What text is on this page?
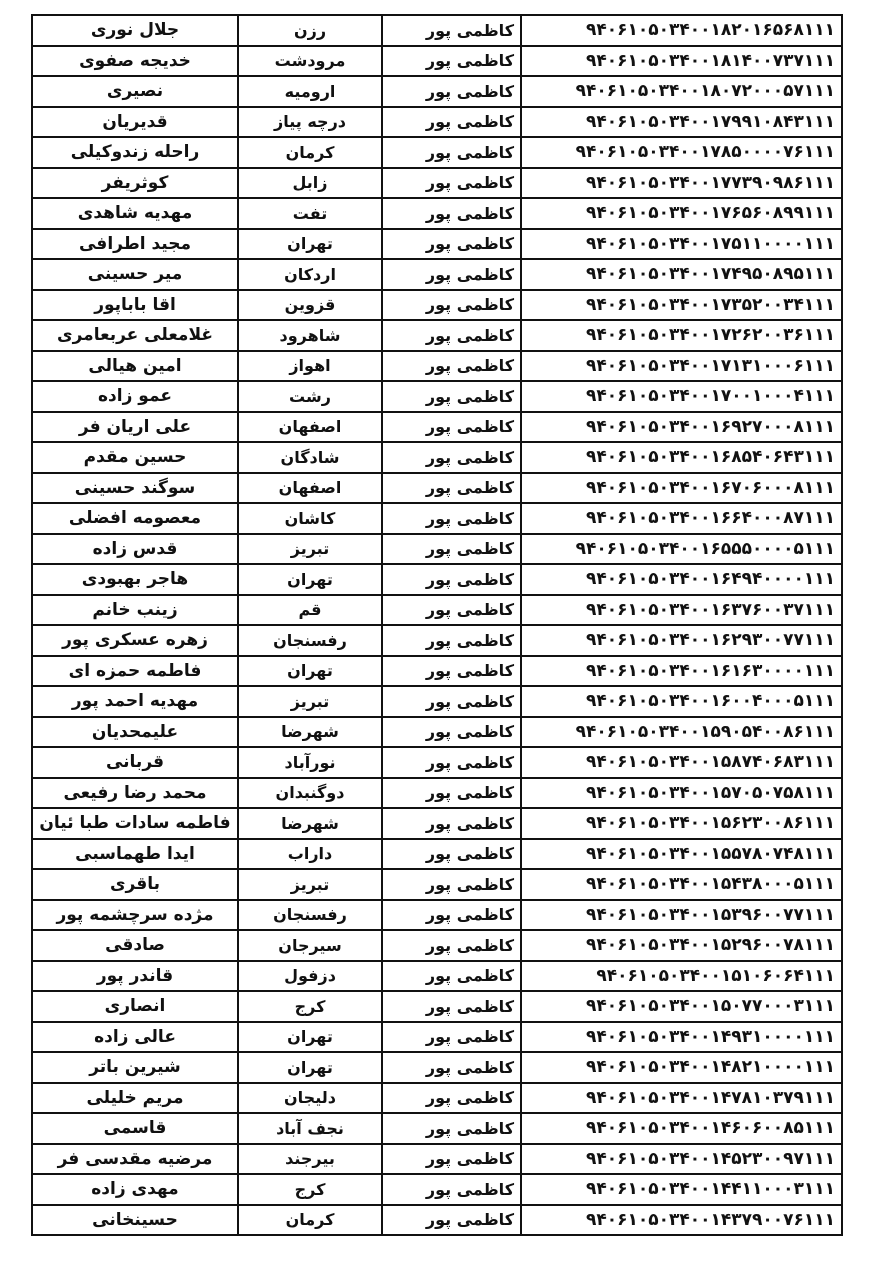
جلال نوری	رزن	کاظمی پور	۹۴۰۶۱۰۵۰۳۴۰۰۱۸۲۰۱۶۵۶۸۱۱۱
خدیجه صفوی	مرودشت	کاظمی پور	۹۴۰۶۱۰۵۰۳۴۰۰۱۸۱۴۰۰۷۳۷۱۱۱
نصیری	ارومیه	کاظمی پور	۹۴۰۶۱۰۵۰۳۴۰۰۱۸۰۷۲۰۰۰۵۷۱۱۱
قدیریان	درچه پیاز	کاظمی پور	۹۴۰۶۱۰۵۰۳۴۰۰۱۷۹۹۱۰۸۴۳۱۱۱
راحله زندوکیلی	کرمان	کاظمی پور	۹۴۰۶۱۰۵۰۳۴۰۰۱۷۸۵۰۰۰۰۷۶۱۱۱
کوثریفر	زابل	کاظمی پور	۹۴۰۶۱۰۵۰۳۴۰۰۱۷۷۳۹۰۹۸۶۱۱۱
مهدیه شاهدی	تفت	کاظمی پور	۹۴۰۶۱۰۵۰۳۴۰۰۱۷۶۵۶۰۸۹۹۱۱۱
مجید اطرافی	تهران	کاظمی پور	۹۴۰۶۱۰۵۰۳۴۰۰۱۷۵۱۱۰۰۰۰۱۱۱
میر حسینی	اردکان	کاظمی پور	۹۴۰۶۱۰۵۰۳۴۰۰۱۷۴۹۵۰۸۹۵۱۱۱
اقا باباپور	قزوین	کاظمی پور	۹۴۰۶۱۰۵۰۳۴۰۰۱۷۳۵۲۰۰۳۴۱۱۱
غلامعلی عربعامری	شاهرود	کاظمی پور	۹۴۰۶۱۰۵۰۳۴۰۰۱۷۲۶۲۰۰۳۶۱۱۱
امین هیالی	اهواز	کاظمی پور	۹۴۰۶۱۰۵۰۳۴۰۰۱۷۱۳۱۰۰۰۶۱۱۱
عمو زاده	رشت	کاظمی پور	۹۴۰۶۱۰۵۰۳۴۰۰۱۷۰۰۱۰۰۰۴۱۱۱
علی اریان فر	اصفهان	کاظمی پور	۹۴۰۶۱۰۵۰۳۴۰۰۱۶۹۲۷۰۰۰۸۱۱۱
حسین مقدم	شادگان	کاظمی پور	۹۴۰۶۱۰۵۰۳۴۰۰۱۶۸۵۴۰۶۴۳۱۱۱
سوگند حسینی	اصفهان	کاظمی پور	۹۴۰۶۱۰۵۰۳۴۰۰۱۶۷۰۶۰۰۰۸۱۱۱
معصومه افضلی	کاشان	کاظمی پور	۹۴۰۶۱۰۵۰۳۴۰۰۱۶۶۴۰۰۰۸۷۱۱۱
قدس زاده	تبریز	کاظمی پور	۹۴۰۶۱۰۵۰۳۴۰۰۱۶۵۵۵۰۰۰۰۵۱۱۱
هاجر بهبودی	تهران	کاظمی پور	۹۴۰۶۱۰۵۰۳۴۰۰۱۶۴۹۴۰۰۰۰۱۱۱
زینب خانم	قم	کاظمی پور	۹۴۰۶۱۰۵۰۳۴۰۰۱۶۳۷۶۰۰۳۷۱۱۱
زهره عسکری پور	رفسنجان	کاظمی پور	۹۴۰۶۱۰۵۰۳۴۰۰۱۶۲۹۳۰۰۷۷۱۱۱
فاطمه حمزه ای	تهران	کاظمی پور	۹۴۰۶۱۰۵۰۳۴۰۰۱۶۱۶۳۰۰۰۰۱۱۱
مهدیه احمد پور	تبریز	کاظمی پور	۹۴۰۶۱۰۵۰۳۴۰۰۱۶۰۰۴۰۰۰۵۱۱۱
علیمحدیان	شهرضا	کاظمی پور	۹۴۰۶۱۰۵۰۳۴۰۰۱۵۹۰۵۴۰۰۸۶۱۱۱
قربانی	نورآباد	کاظمی پور	۹۴۰۶۱۰۵۰۳۴۰۰۱۵۸۷۴۰۶۸۳۱۱۱
محمد رضا رفیعی	دوگنبدان	کاظمی پور	۹۴۰۶۱۰۵۰۳۴۰۰۱۵۷۰۵۰۷۵۸۱۱۱
فاطمه سادات طبا ئیان	شهرضا	کاظمی پور	۹۴۰۶۱۰۵۰۳۴۰۰۱۵۶۲۳۰۰۸۶۱۱۱
ایدا طهماسبی	داراب	کاظمی پور	۹۴۰۶۱۰۵۰۳۴۰۰۱۵۵۷۸۰۷۴۸۱۱۱
باقری	تبریز	کاظمی پور	۹۴۰۶۱۰۵۰۳۴۰۰۱۵۴۳۸۰۰۰۵۱۱۱
مژده سرچشمه پور	رفسنجان	کاظمی پور	۹۴۰۶۱۰۵۰۳۴۰۰۱۵۳۹۶۰۰۷۷۱۱۱
صادقی	سیرجان	کاظمی پور	۹۴۰۶۱۰۵۰۳۴۰۰۱۵۲۹۶۰۰۷۸۱۱۱
قاندر پور	دزفول	کاظمی پور	۹۴۰۶۱۰۵۰۳۴۰۰۱۵۱۰۶۰۶۴۱۱۱
انصاری	کرج	کاظمی پور	۹۴۰۶۱۰۵۰۳۴۰۰۱۵۰۷۷۰۰۰۳۱۱۱
عالی زاده	تهران	کاظمی پور	۹۴۰۶۱۰۵۰۳۴۰۰۱۴۹۳۱۰۰۰۰۱۱۱
شیرین باتر	تهران	کاظمی پور	۹۴۰۶۱۰۵۰۳۴۰۰۱۴۸۲۱۰۰۰۰۱۱۱
مریم خلیلی	دلیجان	کاظمی پور	۹۴۰۶۱۰۵۰۳۴۰۰۱۴۷۸۱۰۳۷۹۱۱۱
قاسمی	نجف آباد	کاظمی پور	۹۴۰۶۱۰۵۰۳۴۰۰۱۴۶۰۶۰۰۸۵۱۱۱
مرضیه مقدسی فر	بیرجند	کاظمی پور	۹۴۰۶۱۰۵۰۳۴۰۰۱۴۵۲۳۰۰۹۷۱۱۱
مهدی زاده	کرج	کاظمی پور	۹۴۰۶۱۰۵۰۳۴۰۰۱۴۴۱۱۰۰۰۳۱۱۱
حسینخانی	کرمان	کاظمی پور	۹۴۰۶۱۰۵۰۳۴۰۰۱۴۳۷۹۰۰۷۶۱۱۱
